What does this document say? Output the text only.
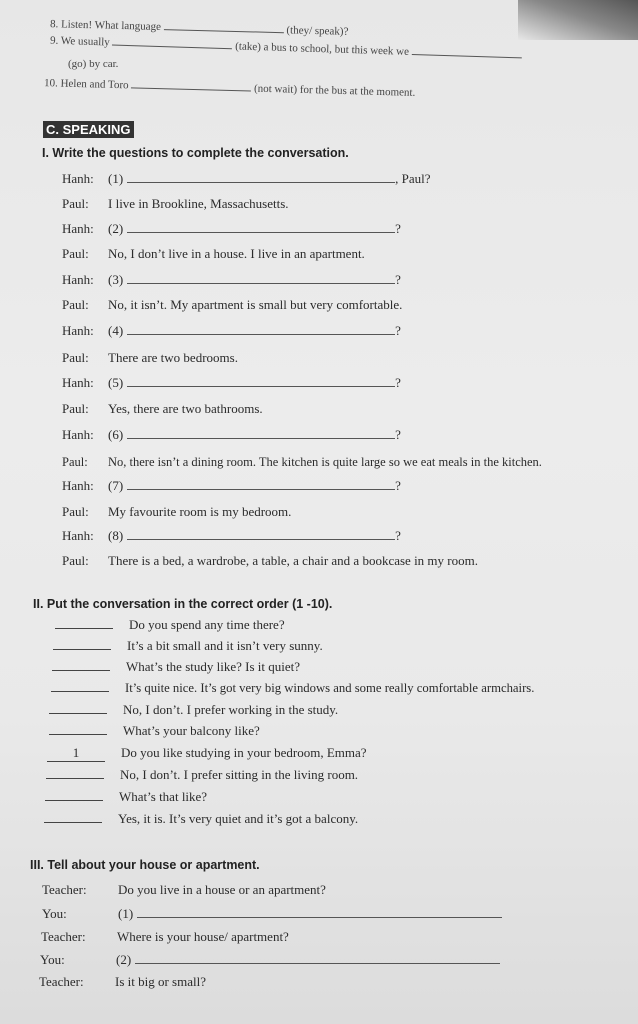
8. Listen! What language	(they/ speak)?
9. We usually	(take) a bus to school, but this week we
(go) by car.
10. Helen and Toro	(not wait) for the bus at the moment.
C. SPEAKING
I. Write the questions to complete the conversation.
Hanh: (1)	, Paul?
Paul: I live in Brookline, Massachusetts.
Hanh: (2)	?
Paul: No, I don’t live in a house. I live in an apartment.
Hanh: (3)	?
Paul: No, it isn’t. My apartment is small but very comfortable.
Hanh: (4)	?
Paul: There are two bedrooms.
Hanh: (5)	?
Paul: Yes, there are two bathrooms.
Hanh: (6)	?
Paul: No, there isn’t a dining room. The kitchen is quite large so we eat meals in the kitchen.
Hanh: (7)	?
Paul: My favourite room is my bedroom.
Hanh: (8)	?
Paul: There is a bed, a wardrobe, a table, a chair and a bookcase in my room.
II. Put the conversation in the correct order (1 -10).
Do you spend any time there?
It’s a bit small and it isn’t very sunny.
What’s the study like? Is it quiet?
It’s quite nice. It’s got very big windows and some really comfortable armchairs.
No, I don’t. I prefer working in the study.
What’s your balcony like?
1	Do you like studying in your bedroom, Emma?
No, I don’t. I prefer sitting in the living room.
What’s that like?
Yes, it is. It’s very quiet and it’s got a balcony.
III. Tell about your house or apartment.
Teacher: Do you live in a house or an apartment?
You:	(1)
Teacher: Where is your house/ apartment?
You:	(2)
Teacher: Is it big or small?
